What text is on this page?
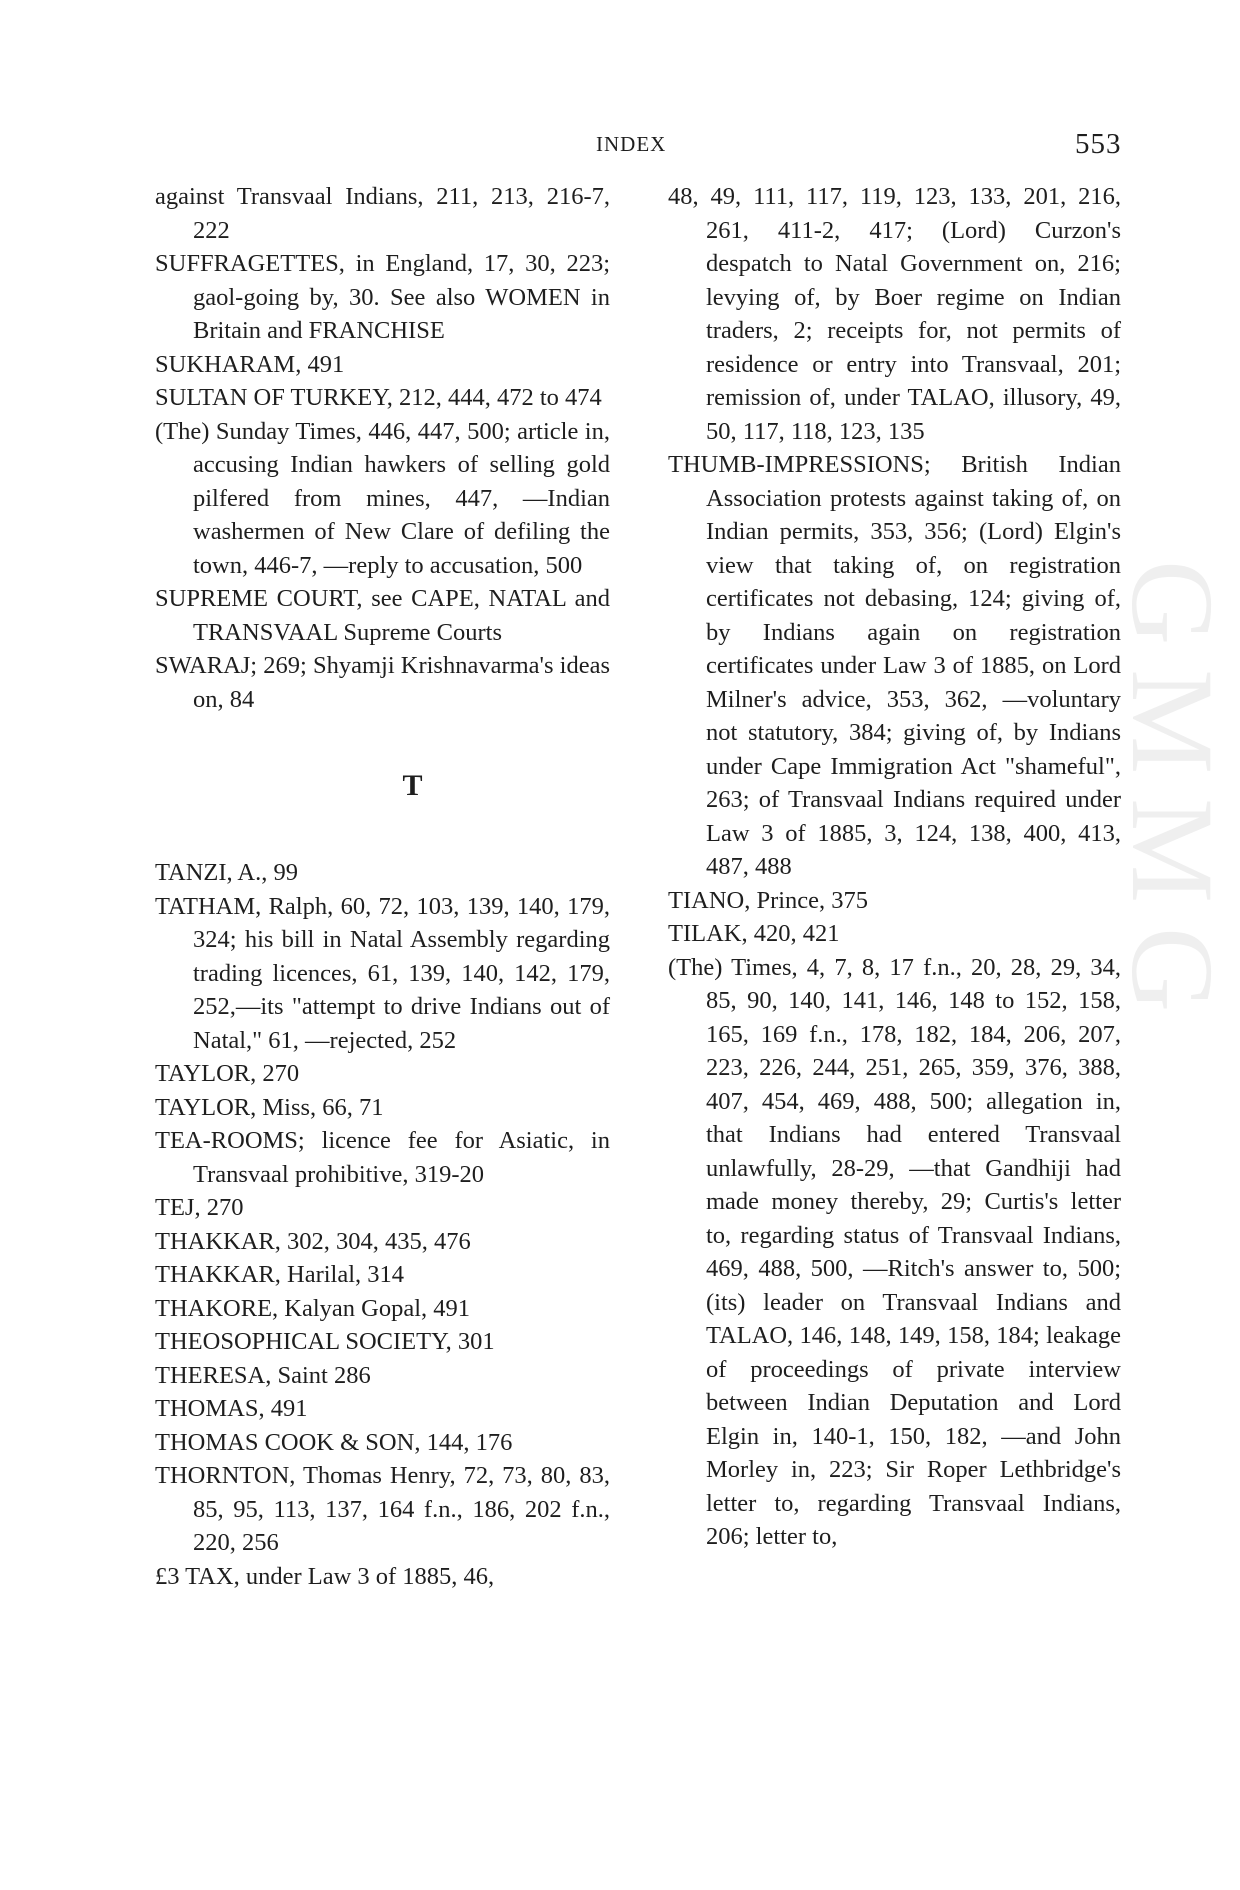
INDEX	553
against Transvaal Indians, 211, 213, 216-7, 222
SUFFRAGETTES, in England, 17, 30, 223; gaol-going by, 30. See also WOMEN in Britain and FRANCHISE
SUKHARAM, 491
SULTAN OF TURKEY, 212, 444, 472 to 474
(The) Sunday Times, 446, 447, 500; article in, accusing Indian hawkers of selling gold pilfered from mines, 447, —Indian washermen of New Clare of defiling the town, 446-7, —reply to accusation, 500
SUPREME COURT, see CAPE, NATAL and TRANSVAAL Supreme Courts
SWARAJ; 269; Shyamji Krishnavarma's ideas on, 84
T
TANZI, A., 99
TATHAM, Ralph, 60, 72, 103, 139, 140, 179, 324; his bill in Natal Assembly regarding trading licences, 61, 139, 140, 142, 179, 252,—its "attempt to drive Indians out of Natal," 61, —rejected, 252
TAYLOR, 270
TAYLOR, Miss, 66, 71
TEA-ROOMS; licence fee for Asiatic, in Transvaal prohibitive, 319-20
TEJ, 270
THAKKAR, 302, 304, 435, 476
THAKKAR, Harilal, 314
THAKORE, Kalyan Gopal, 491
THEOSOPHICAL SOCIETY, 301
THERESA, Saint 286
THOMAS, 491
THOMAS COOK & SON, 144, 176
THORNTON, Thomas Henry, 72, 73, 80, 83, 85, 95, 113, 137, 164 f.n., 186, 202 f.n., 220, 256
£3 TAX, under Law 3 of 1885, 46,
48, 49, 111, 117, 119, 123, 133, 201, 216, 261, 411-2, 417; (Lord) Curzon's despatch to Natal Government on, 216; levying of, by Boer regime on Indian traders, 2; receipts for, not permits of residence or entry into Transvaal, 201; remission of, under TALAO, illusory, 49, 50, 117, 118, 123, 135
THUMB-IMPRESSIONS; British Indian Association protests against taking of, on Indian permits, 353, 356; (Lord) Elgin's view that taking of, on registration certificates not debasing, 124; giving of, by Indians again on registration certificates under Law 3 of 1885, on Lord Milner's advice, 353, 362, —voluntary not statutory, 384; giving of, by Indians under Cape Immigration Act "shameful", 263; of Transvaal Indians required under Law 3 of 1885, 3, 124, 138, 400, 413, 487, 488
TIANO, Prince, 375
TILAK, 420, 421
(The) Times, 4, 7, 8, 17 f.n., 20, 28, 29, 34, 85, 90, 140, 141, 146, 148 to 152, 158, 165, 169 f.n., 178, 182, 184, 206, 207, 223, 226, 244, 251, 265, 359, 376, 388, 407, 454, 469, 488, 500; allegation in, that Indians had entered Transvaal unlawfully, 28-29, —that Gandhiji had made money thereby, 29; Curtis's letter to, regarding status of Transvaal Indians, 469, 488, 500, —Ritch's answer to, 500; (its) leader on Transvaal Indians and TALAO, 146, 148, 149, 158, 184; leakage of proceedings of private interview between Indian Deputation and Lord Elgin in, 140-1, 150, 182, —and John Morley in, 223; Sir Roper Lethbridge's letter to, regarding Transvaal Indians, 206; letter to,
GMMG
